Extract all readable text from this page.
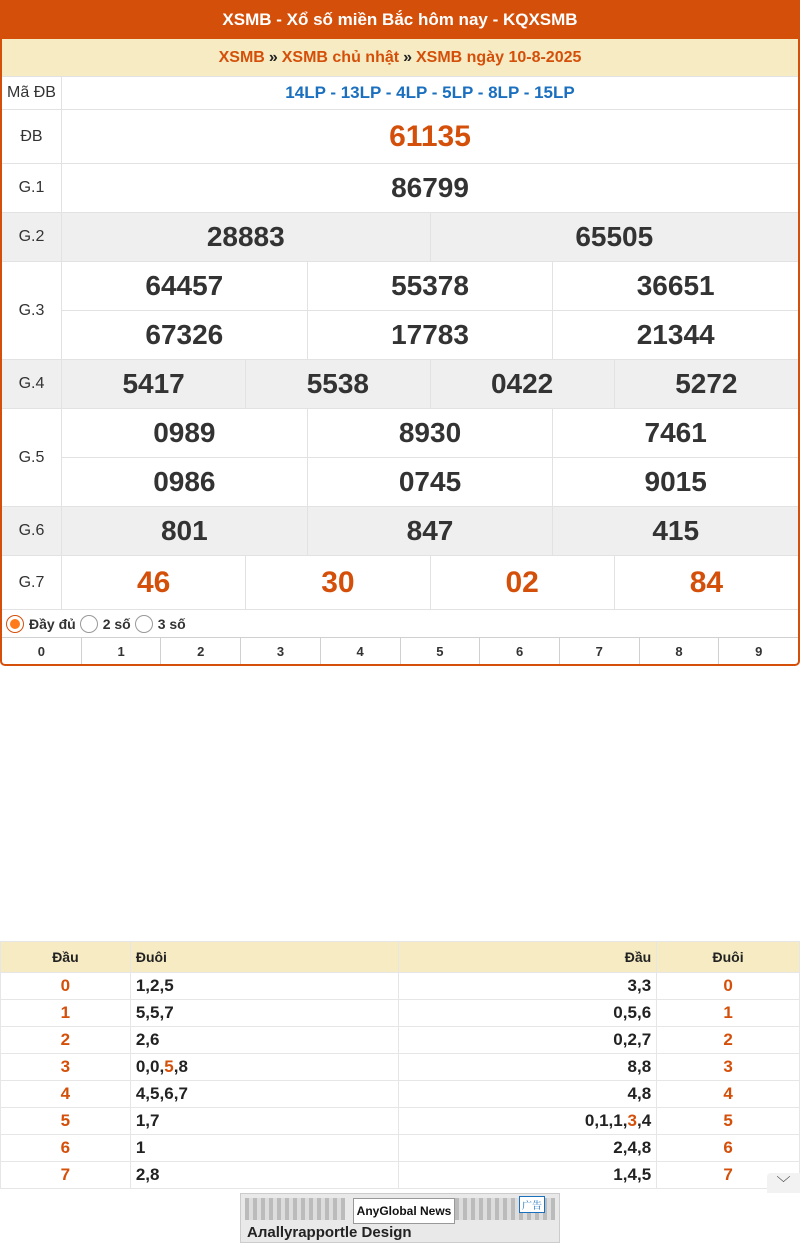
XSMB - Xổ số miền Bắc hôm nay - KQXSMB
XSMB » XSMB chủ nhật » XSMB ngày 10-8-2025
Mã ĐB	14LP - 13LP - 4LP - 5LP - 8LP - 15LP
ĐB	61135
G.1	86799
G.2	28883	65505
G.3
64457	55378	36651
67326	17783	21344
G.4	5417	5538	0422	5272
G.5
0989	8930	7461
0986	0745	9015
G.6	801	847	415
G.7	46	30	02	84
Đầy đủ 2 số 3 số
0	1	2	3	4	5	6	7	8	9
Đầu	Đuôi	Đầu	Đuôi
0	1,2,5	3,3	0
1	5,5,7	0,5,6	1
2	2,6	0,2,7	2
3	0,0,5,8	8,8	3
4	4,5,6,7	4,8	4
5	1,7	0,1,1,3,4	5
6	1	2,4,8	6
7	2,8	1,4,5	7	﹀
AnyGlobal News	广告
Aлallyrapportle Design
